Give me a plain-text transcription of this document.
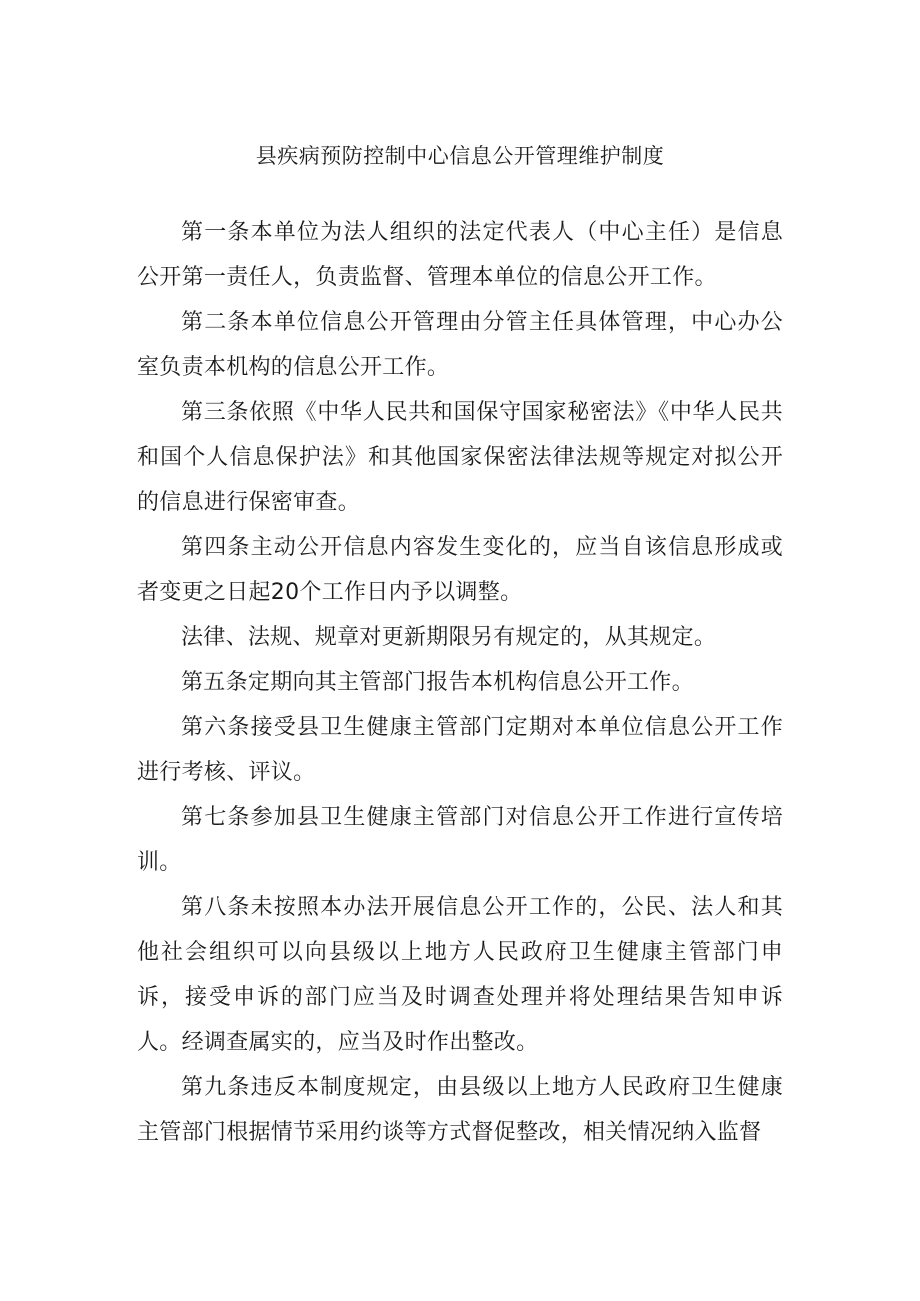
县疾病预防控制中心信息公开管理维护制度

第一条本单位为法人组织的法定代表人（中心主任）是信息公开第一责任人，负责监督、管理本单位的信息公开工作。

第二条本单位信息公开管理由分管主任具体管理，中心办公室负责本机构的信息公开工作。

第三条依照《中华人民共和国保守国家秘密法》《中华人民共和国个人信息保护法》和其他国家保密法律法规等规定对拟公开的信息进行保密审查。

第四条主动公开信息内容发生变化的，应当自该信息形成或者变更之日起20个工作日内予以调整。

法律、法规、规章对更新期限另有规定的，从其规定。

第五条定期向其主管部门报告本机构信息公开工作。

第六条接受县卫生健康主管部门定期对本单位信息公开工作进行考核、评议。

第七条参加县卫生健康主管部门对信息公开工作进行宣传培训。

第八条未按照本办法开展信息公开工作的，公民、法人和其他社会组织可以向县级以上地方人民政府卫生健康主管部门申诉，接受申诉的部门应当及时调查处理并将处理结果告知申诉人。经调查属实的，应当及时作出整改。

第九条违反本制度规定，由县级以上地方人民政府卫生健康主管部门根据情节采用约谈等方式督促整改，相关情况纳入监督
